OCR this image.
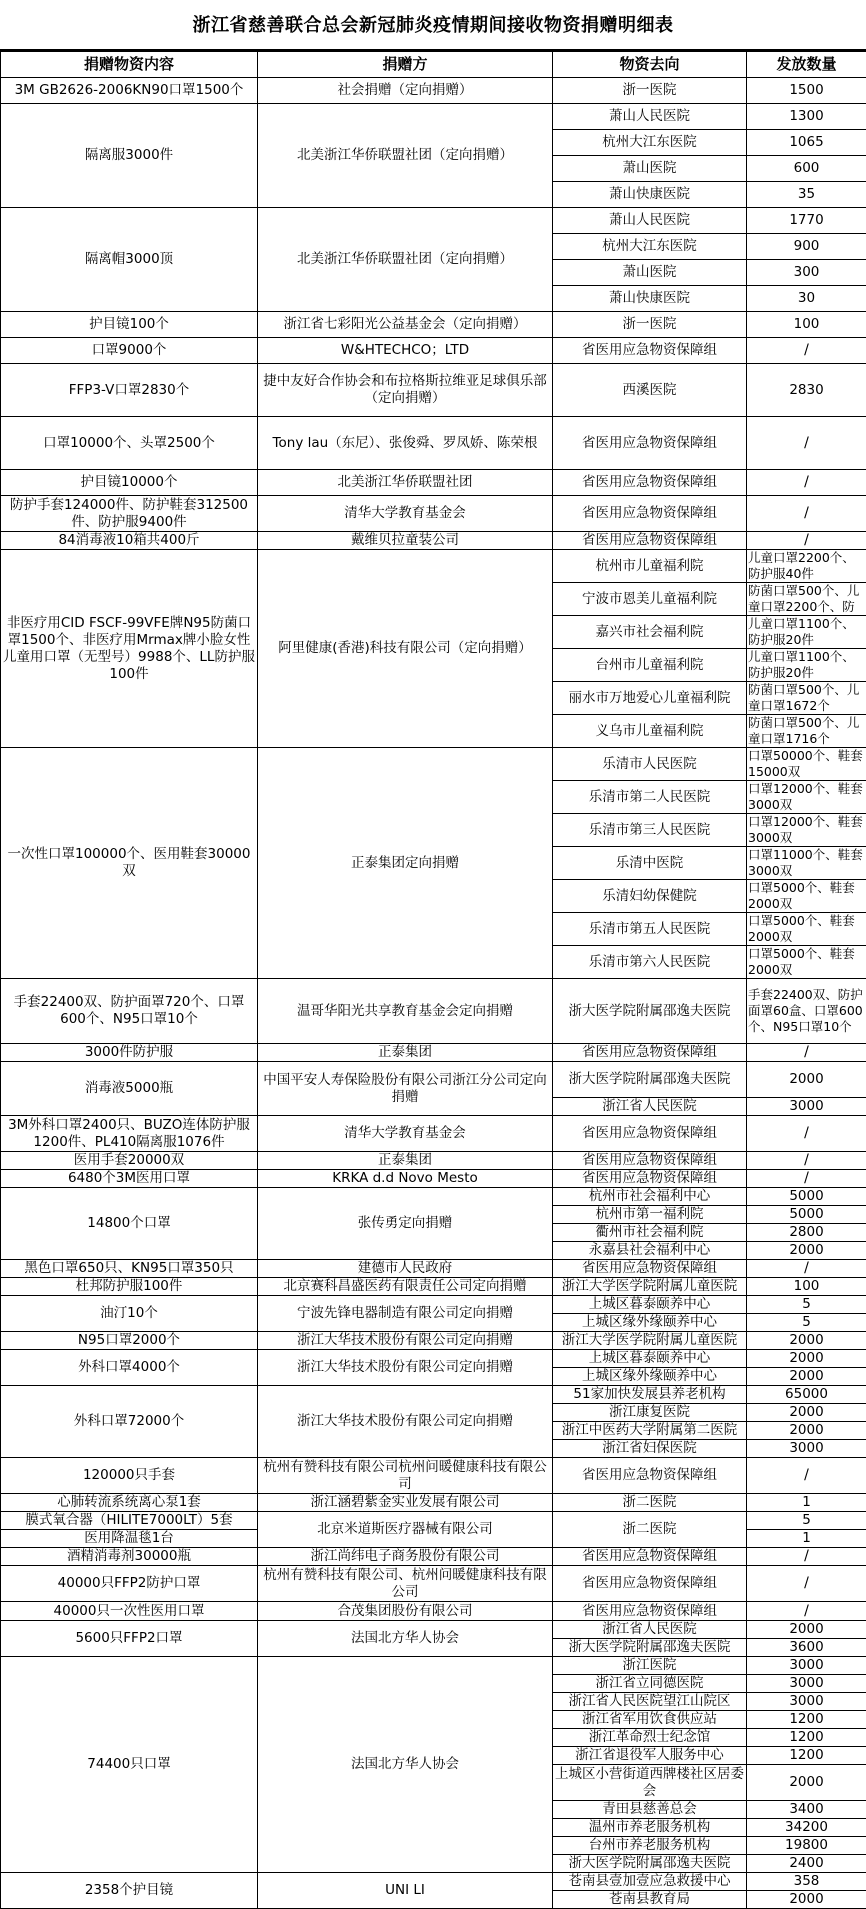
浙江省慈善联合总会新冠肺炎疫情期间接收物资捐赠明细表
捐赠物资内容	捐赠方	物资去向	发放数量
3M GB2626-2006KN90口罩1500个	社会捐赠（定向捐赠）	浙一医院	1500
隔离服3000件	北美浙江华侨联盟社团（定向捐赠）	萧山人民医院	1300
		杭州大江东医院	1065
		萧山医院	600
		萧山快康医院	35
隔离帽3000顶	北美浙江华侨联盟社团（定向捐赠）	萧山人民医院	1770
		杭州大江东医院	900
		萧山医院	300
		萧山快康医院	30
护目镜100个	浙江省七彩阳光公益基金会（定向捐赠）	浙一医院	100
口罩9000个	W&HTECHCO；LTD	省医用应急物资保障组	/
FFP3-V口罩2830个	捷中友好合作协会和布拉格斯拉维亚足球俱乐部（定向捐赠）	西溪医院	2830
口罩10000个、头罩2500个	Tony lau（东尼）、张俊舜、罗凤娇、陈荣根	省医用应急物资保障组	/
护目镜10000个	北美浙江华侨联盟社团	省医用应急物资保障组	/
防护手套124000件、防护鞋套312500件、防护服9400件	清华大学教育基金会	省医用应急物资保障组	/
84消毒液10箱共400斤	戴维贝拉童装公司	省医用应急物资保障组	/
非医疗用CID FSCF-99VFE牌N95防菌口罩1500个、非医疗用Mrmax牌小脸女性儿童用口罩（无型号）9988个、LL防护服100件	阿里健康(香港)科技有限公司（定向捐赠）	杭州市儿童福利院	儿童口罩2200个、防护服40件
		宁波市恩美儿童福利院	防菌口罩500个、儿童口罩2200个、防
		嘉兴市社会福利院	儿童口罩1100个、防护服20件
		台州市儿童福利院	儿童口罩1100个、防护服20件
		丽水市万地爱心儿童福利院	防菌口罩500个、儿童口罩1672个
		义乌市儿童福利院	防菌口罩500个、儿童口罩1716个
一次性口罩100000个、医用鞋套30000双	正泰集团定向捐赠	乐清市人民医院	口罩50000个、鞋套15000双
		乐清市第二人民医院	口罩12000个、鞋套3000双
		乐清市第三人民医院	口罩12000个、鞋套3000双
		乐清中医院	口罩11000个、鞋套3000双
		乐清妇幼保健院	口罩5000个、鞋套2000双
		乐清市第五人民医院	口罩5000个、鞋套2000双
		乐清市第六人民医院	口罩5000个、鞋套2000双
手套22400双、防护面罩720个、口罩600个、N95口罩10个	温哥华阳光共享教育基金会定向捐赠	浙大医学院附属邵逸夫医院	手套22400双、防护面罩60盒、口罩600个、N95口罩10个
3000件防护服	正泰集团	省医用应急物资保障组	/
消毒液5000瓶	中国平安人寿保险股份有限公司浙江分公司定向捐赠	浙大医学院附属邵逸夫医院	2000
		浙江省人民医院	3000
3M外科口罩2400只、BUZO连体防护服1200件、PL410隔离服1076件	清华大学教育基金会	省医用应急物资保障组	/
医用手套20000双	正泰集团	省医用应急物资保障组	/
6480个3M医用口罩	KRKA d.d Novo Mesto	省医用应急物资保障组	/
14800个口罩	张传勇定向捐赠	杭州市社会福利中心	5000
		杭州市第一福利院	5000
		衢州市社会福利院	2800
		永嘉县社会福利中心	2000
黑色口罩650只、KN95口罩350只	建德市人民政府	省医用应急物资保障组	/
杜邦防护服100件	北京赛科昌盛医药有限责任公司定向捐赠	浙江大学医学院附属儿童医院	100
油汀10个	宁波先锋电器制造有限公司定向捐赠	上城区暮泰颐养中心	5
		上城区缘外缘颐养中心	5
N95口罩2000个	浙江大华技术股份有限公司定向捐赠	浙江大学医学院附属儿童医院	2000
外科口罩4000个	浙江大华技术股份有限公司定向捐赠	上城区暮泰颐养中心	2000
		上城区缘外缘颐养中心	2000
外科口罩72000个	浙江大华技术股份有限公司定向捐赠	51家加快发展县养老机构	65000
		浙江康复医院	2000
		浙江中医药大学附属第二医院	2000
		浙江省妇保医院	3000
120000只手套	杭州有赞科技有限公司杭州问暖健康科技有限公司	省医用应急物资保障组	/
心肺转流系统离心泵1套	浙江涵碧紫金实业发展有限公司	浙二医院	1
膜式氧合器（HILITE7000LT）5套	北京米道斯医疗器械有限公司	浙二医院	5
医用降温毯1台			1
酒精消毒剂30000瓶	浙江尚纬电子商务股份有限公司	省医用应急物资保障组	/
40000只FFP2防护口罩	杭州有赞科技有限公司、杭州问暖健康科技有限公司	省医用应急物资保障组	/
40000只一次性医用口罩	合茂集团股份有限公司	省医用应急物资保障组	/
5600只FFP2口罩	法国北方华人协会	浙江省人民医院	2000
		浙大医学院附属邵逸夫医院	3600
74400只口罩	法国北方华人协会	浙江医院	3000
		浙江省立同德医院	3000
		浙江省人民医院望江山院区	3000
		浙江省军用饮食供应站	1200
		浙江革命烈士纪念馆	1200
		浙江省退役军人服务中心	1200
		上城区小营街道西牌楼社区居委会	2000
		青田县慈善总会	3400
		温州市养老服务机构	34200
		台州市养老服务机构	19800
		浙大医学院附属邵逸夫医院	2400
2358个护目镜	UNI LI	苍南县壹加壹应急救援中心	358
		苍南县教育局	2000
